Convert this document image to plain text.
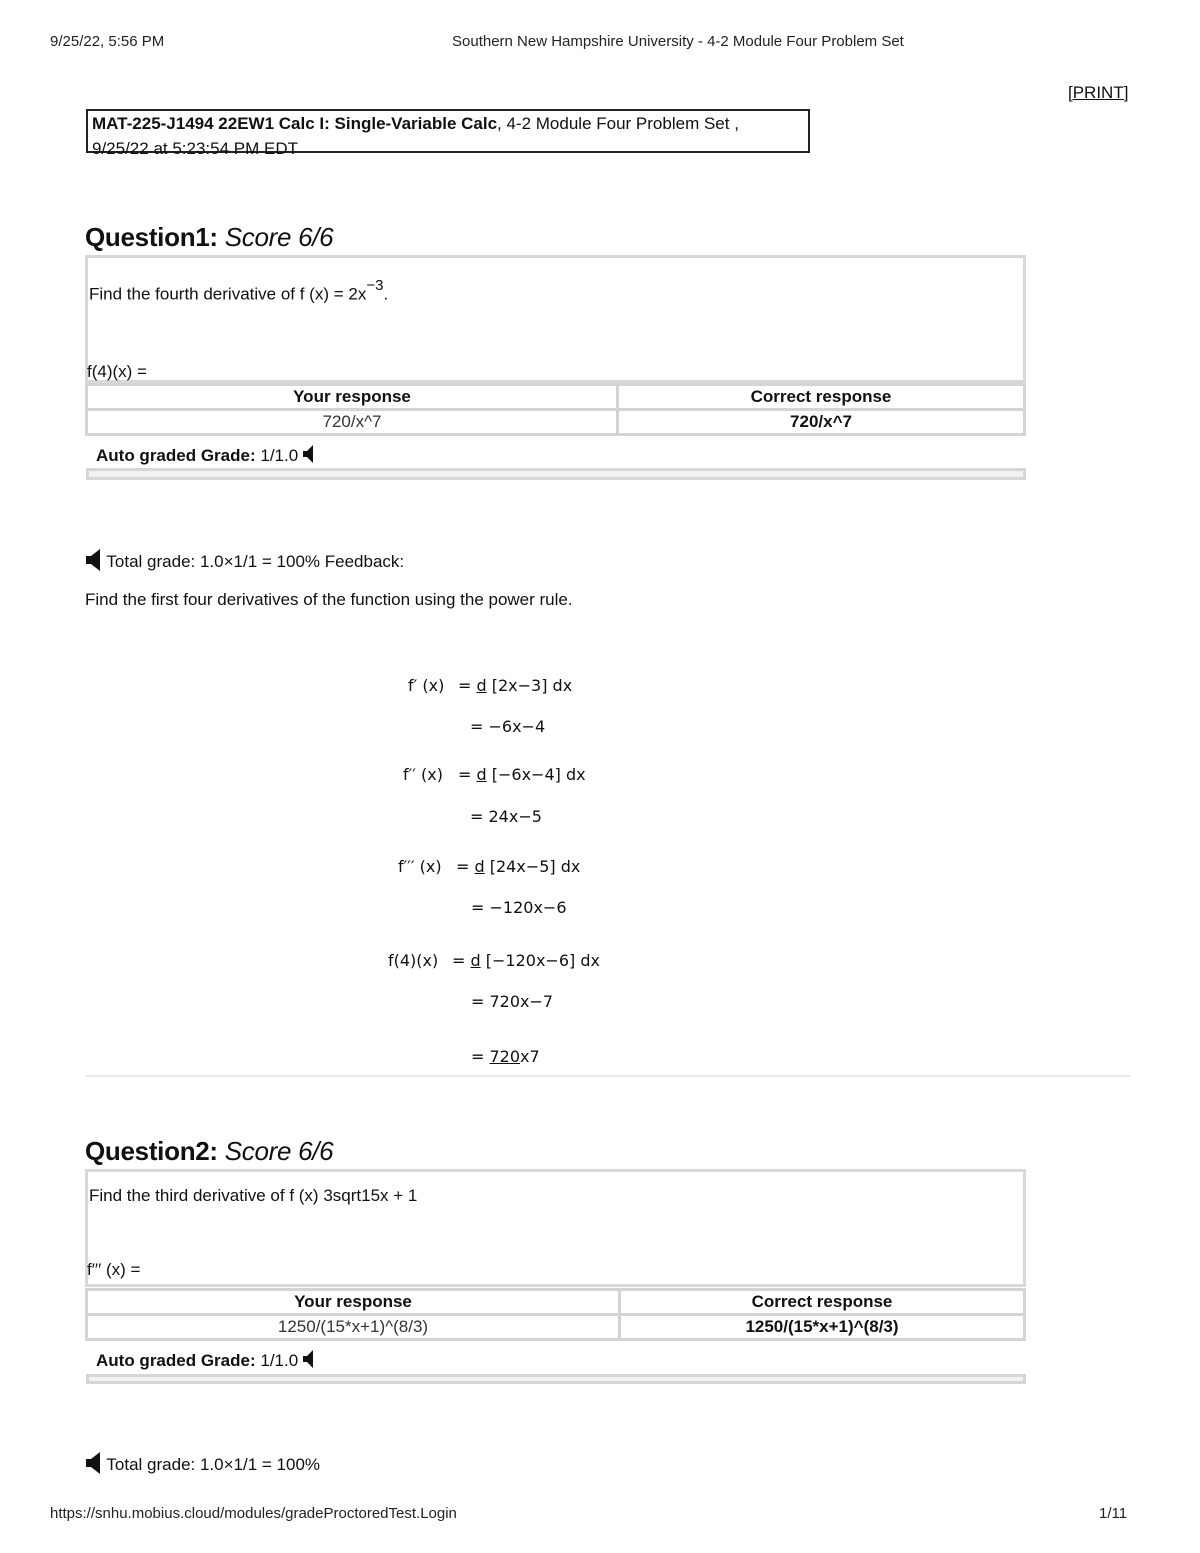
9/25/22, 5:56 PM	Southern New Hampshire University - 4-2 Module Four Problem Set
[PRINT]
MAT-225-J1494 22EW1 Calc I: Single-Variable Calc, 4-2 Module Four Problem Set ,
9/25/22 at 5:23:54 PM EDT
Question1: Score 6/6
Find the fourth derivative of f $(x) = 2x^{-3}$.
f(4)(x) =
Your response	Correct response
720/x^7	720/x^7
Auto graded Grade: 1/1.0
Total grade: 1.0×1/1 = 100% Feedback:
Find the first four derivatives of the function using the power rule.
f′ (x) = d [2x−3] dx
= −6x−4
f′′ (x) = d [−6x−4] dx
= 24x−5
f′′′ (x) = d [24x−5] dx
= −120x−6
f(4)(x) = d [−120x−6] dx
= 720x−7
= 720x7
Question2: Score 6/6
Find the third derivative of f (x) 3sqrt15x + 1
f′′′ (x) =
Your response	Correct response
1250/(15*x+1)^(8/3)	1250/(15*x+1)^(8/3)
Auto graded Grade: 1/1.0
Total grade: 1.0×1/1 = 100%
https://snhu.mobius.cloud/modules/gradeProctoredTest.Login	1/11
